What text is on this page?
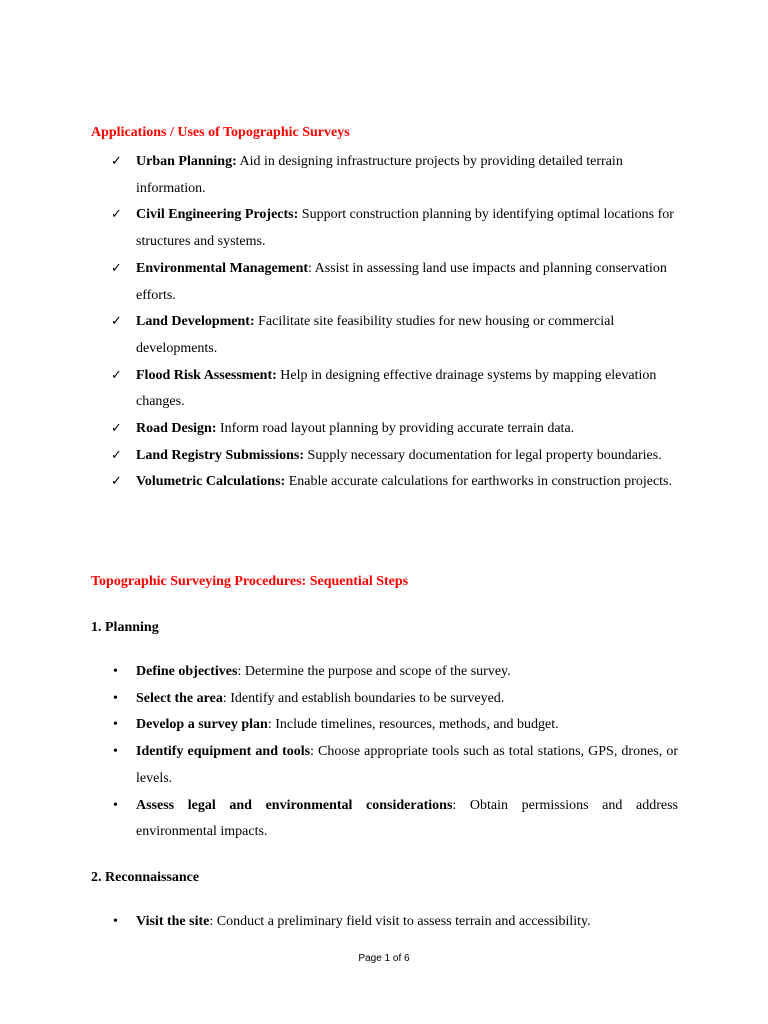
Applications / Uses of Topographic Surveys
✓ Urban Planning: Aid in designing infrastructure projects by providing detailed terrain information.
✓ Civil Engineering Projects: Support construction planning by identifying optimal locations for structures and systems.
✓ Environmental Management: Assist in assessing land use impacts and planning conservation efforts.
✓ Land Development: Facilitate site feasibility studies for new housing or commercial developments.
✓ Flood Risk Assessment: Help in designing effective drainage systems by mapping elevation changes.
✓ Road Design: Inform road layout planning by providing accurate terrain data.
✓ Land Registry Submissions: Supply necessary documentation for legal property boundaries.
✓ Volumetric Calculations: Enable accurate calculations for earthworks in construction projects.
Topographic Surveying Procedures: Sequential Steps
1. Planning
• Define objectives: Determine the purpose and scope of the survey.
• Select the area: Identify and establish boundaries to be surveyed.
• Develop a survey plan: Include timelines, resources, methods, and budget.
• Identify equipment and tools: Choose appropriate tools such as total stations, GPS, drones, or levels.
• Assess legal and environmental considerations: Obtain permissions and address environmental impacts.
2. Reconnaissance
• Visit the site: Conduct a preliminary field visit to assess terrain and accessibility.
Page 1 of 6
